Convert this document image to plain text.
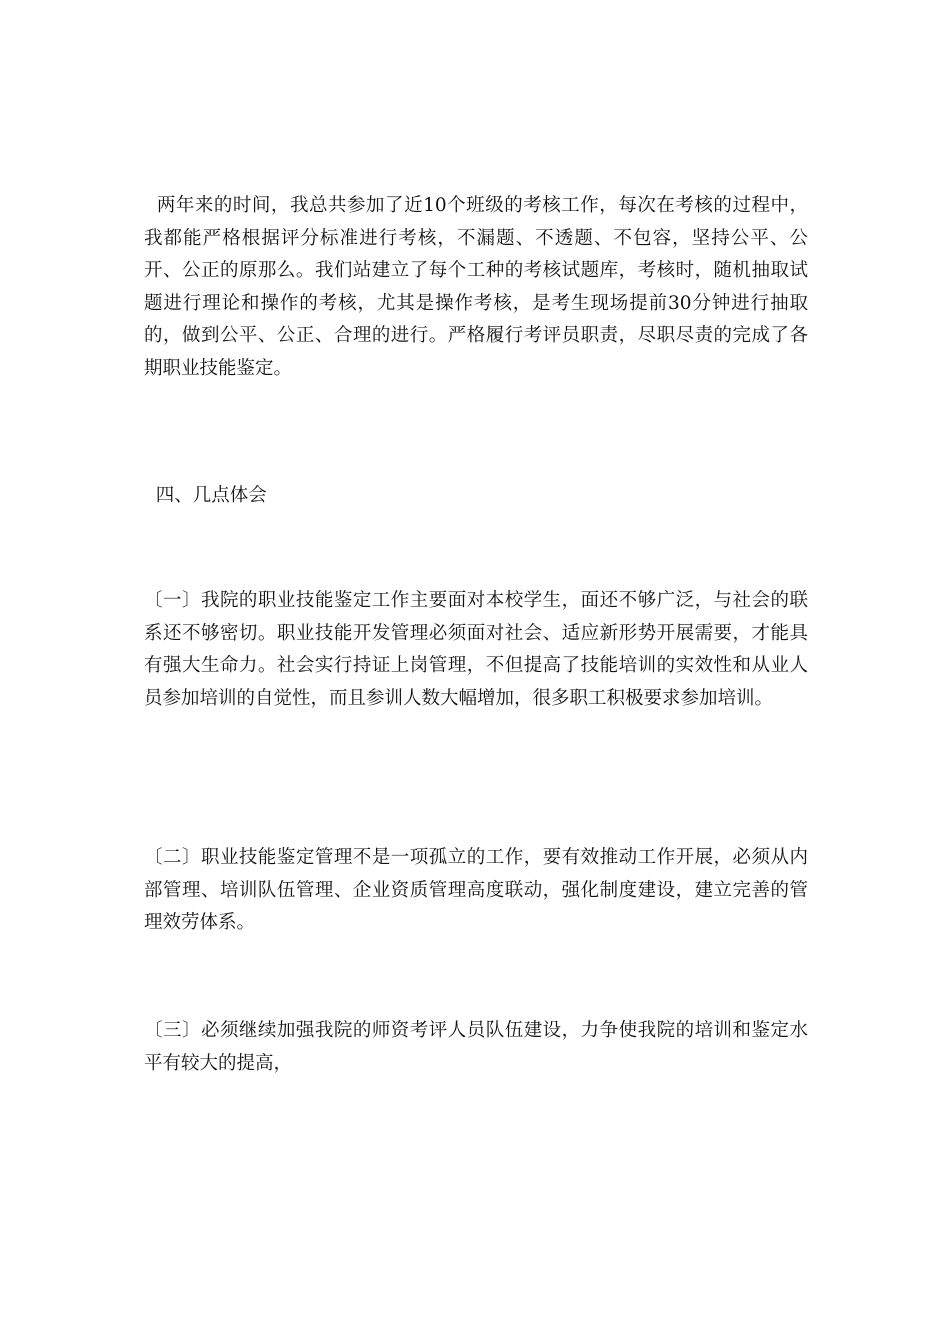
两年来的时间，我总共参加了近10个班级的考核工作，每次在考核的过程中，我都能严格根据评分标准进行考核，不漏题、不透题、不包容，坚持公平、公开、公正的原那么。我们站建立了每个工种的考核试题库，考核时，随机抽取试题进行理论和操作的考核，尤其是操作考核，是考生现场提前30分钟进行抽取的，做到公平、公正、合理的进行。严格履行考评员职责，尽职尽责的完成了各期职业技能鉴定。

四、几点体会

〔一〕我院的职业技能鉴定工作主要面对本校学生，面还不够广泛，与社会的联系还不够密切。职业技能开发管理必须面对社会、适应新形势开展需要，才能具有强大生命力。社会实行持证上岗管理，不但提高了技能培训的实效性和从业人员参加培训的自觉性，而且参训人数大幅增加，很多职工积极要求参加培训。

〔二〕职业技能鉴定管理不是一项孤立的工作，要有效推动工作开展，必须从内部管理、培训队伍管理、企业资质管理高度联动，强化制度建设，建立完善的管理效劳体系。

〔三〕必须继续加强我院的师资考评人员队伍建设，力争使我院的培训和鉴定水平有较大的提高，
